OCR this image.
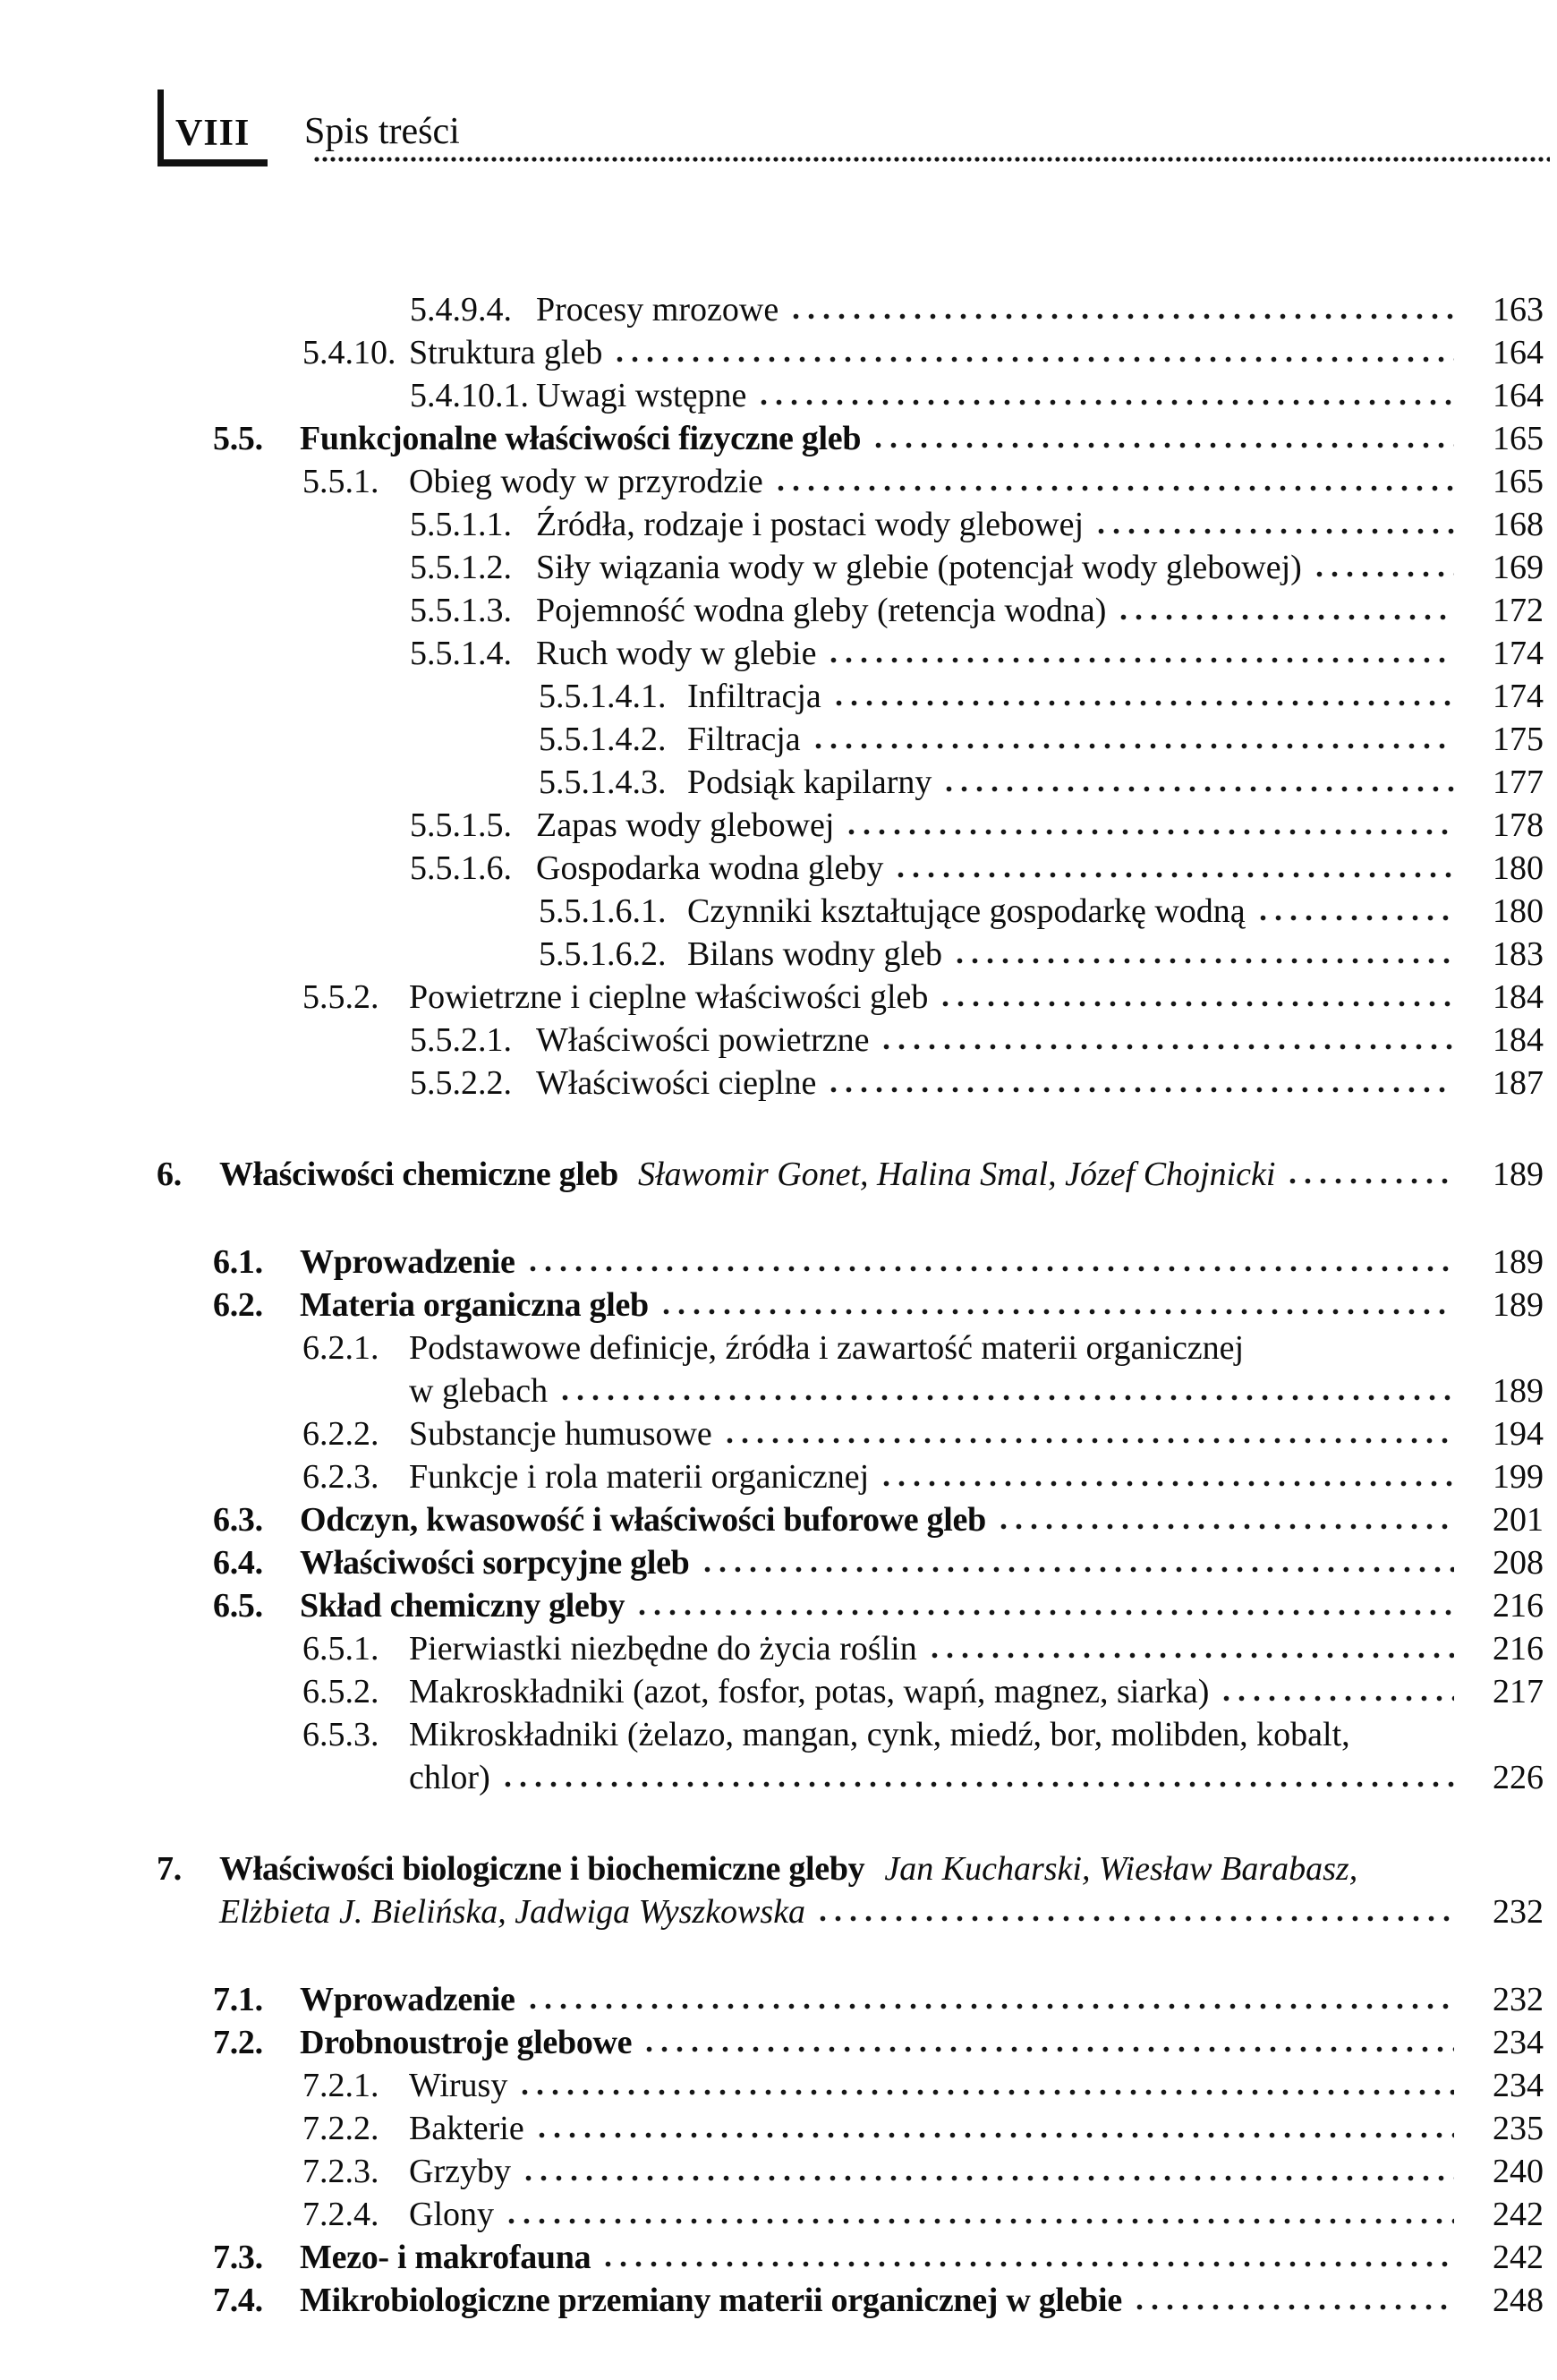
VIII Spis treści
5.4.9.4. Procesy mrozowe	163
5.4.10. Struktura gleb	164
5.4.10.1. Uwagi wstępne	164
5.5.	Funkcjonalne właściwości fizyczne gleb	165
5.5.1. Obieg wody w przyrodzie	165
5.5.1.1. Źródła, rodzaje i postaci wody glebowej	168
5.5.1.2. Siły wiązania wody w glebie (potencjał wody glebowej)	169
5.5.1.3. Pojemność wodna gleby (retencja wodna)	172
5.5.1.4. Ruch wody w glebie	174
5.5.1.4.1. Infiltracja	174
5.5.1.4.2. Filtracja	175
5.5.1.4.3. Podsiąk kapilarny	177
5.5.1.5. Zapas wody glebowej	178
5.5.1.6. Gospodarka wodna gleby	180
5.5.1.6.1. Czynniki kształtujące gospodarkę wodną	180
5.5.1.6.2. Bilans wodny gleb	183
5.5.2. Powietrzne i cieplne właściwości gleb	184
5.5.2.1. Właściwości powietrzne	184
5.5.2.2. Właściwości cieplne	187
6.	Właściwości chemiczne gleb Sławomir Gonet, Halina Smal, Józef Chojnicki	189
6.1.	Wprowadzenie	189
6.2.	Materia organiczna gleb	189
6.2.1. Podstawowe definicje, źródła i zawartość materii organicznej
w glebach	189
6.2.2. Substancje humusowe	194
6.2.3. Funkcje i rola materii organicznej	199
6.3.	Odczyn, kwasowość i właściwości buforowe gleb	201
6.4.	Właściwości sorpcyjne gleb	208
6.5.	Skład chemiczny gleby	216
6.5.1. Pierwiastki niezbędne do życia roślin	216
6.5.2. Makroskładniki (azot, fosfor, potas, wapń, magnez, siarka)	217
6.5.3. Mikroskładniki (żelazo, mangan, cynk, miedź, bor, molibden, kobalt,
chlor)	226
7.	Właściwości biologiczne i biochemiczne gleby Jan Kucharski, Wiesław Barabasz,
Elżbieta J. Bielińska, Jadwiga Wyszkowska	232
7.1.	Wprowadzenie	232
7.2.	Drobnoustroje glebowe	234
7.2.1. Wirusy	234
7.2.2. Bakterie	235
7.2.3. Grzyby	240
7.2.4. Glony	242
7.3.	Mezo- i makrofauna	242
7.4.	Mikrobiologiczne przemiany materii organicznej w glebie	248
